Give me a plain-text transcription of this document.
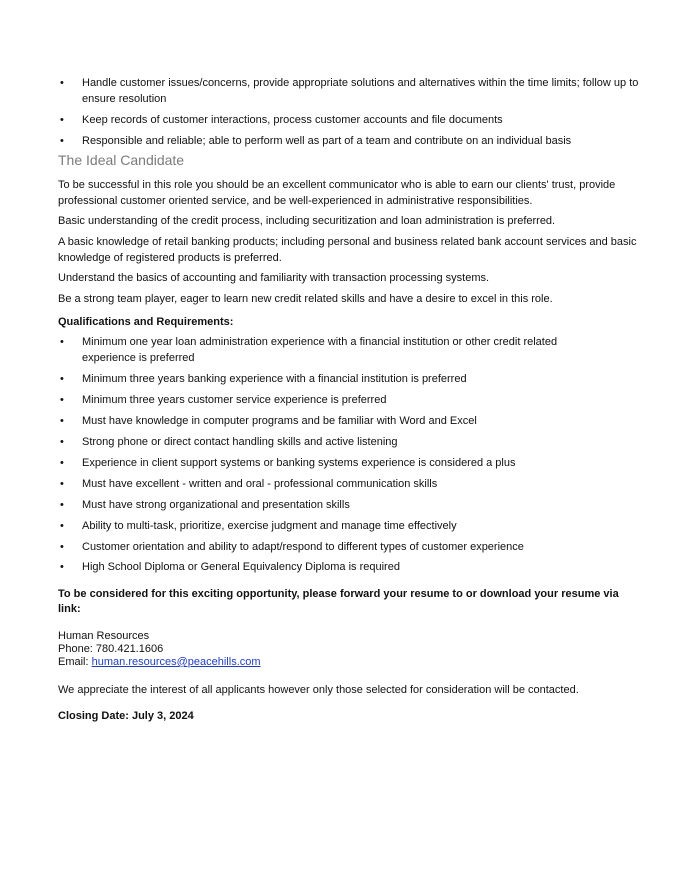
• Handle customer issues/concerns, provide appropriate solutions and alternatives within the time limits; follow up to ensure resolution
• Keep records of customer interactions, process customer accounts and file documents
• Responsible and reliable; able to perform well as part of a team and contribute on an individual basis
The Ideal Candidate
To be successful in this role you should be an excellent communicator who is able to earn our clients' trust, provide professional customer oriented service, and be well-experienced in administrative responsibilities.
Basic understanding of the credit process, including securitization and loan administration is preferred.
A basic knowledge of retail banking products; including personal and business related bank account services and basic knowledge of registered products is preferred.
Understand the basics of accounting and familiarity with transaction processing systems.
Be a strong team player, eager to learn new credit related skills and have a desire to excel in this role.
Qualifications and Requirements:
• Minimum one year loan administration experience with a financial institution or other credit related experience is preferred
• Minimum three years banking experience with a financial institution is preferred
• Minimum three years customer service experience is preferred
• Must have knowledge in computer programs and be familiar with Word and Excel
• Strong phone or direct contact handling skills and active listening
• Experience in client support systems or banking systems experience is considered a plus
• Must have excellent - written and oral - professional communication skills
• Must have strong organizational and presentation skills
• Ability to multi-task, prioritize, exercise judgment and manage time effectively
• Customer orientation and ability to adapt/respond to different types of customer experience
• High School Diploma or General Equivalency Diploma is required
To be considered for this exciting opportunity, please forward your resume to or download your resume via link:
Human Resources
Phone: 780.421.1606
Email: human.resources@peacehills.com
We appreciate the interest of all applicants however only those selected for consideration will be contacted.
Closing Date: July 3, 2024
